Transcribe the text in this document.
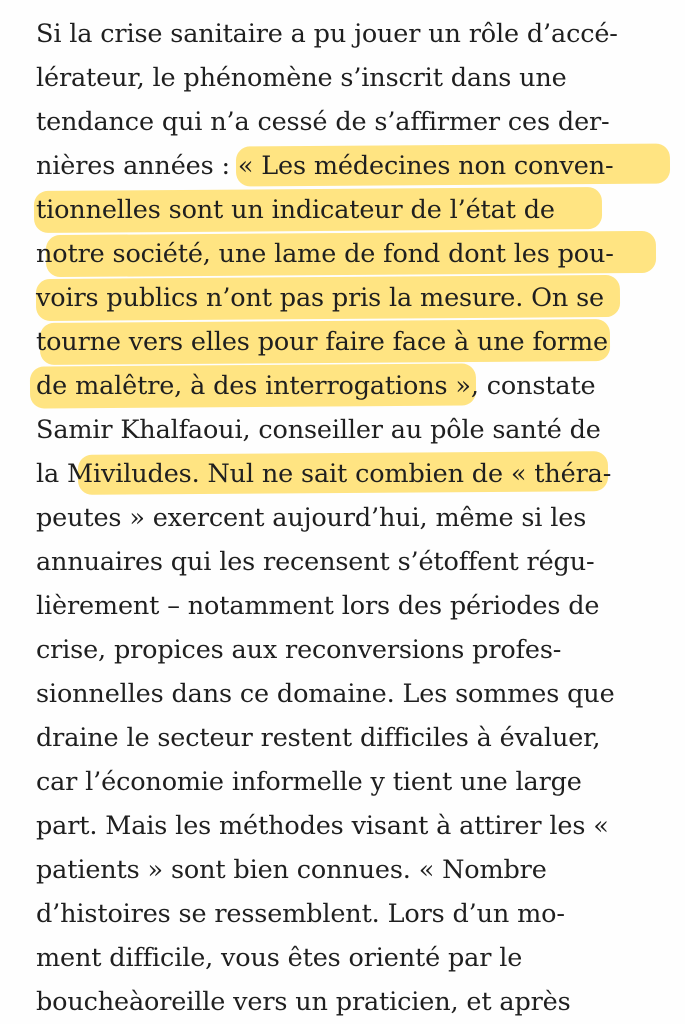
Si la crise sanitaire a pu jouer un rôle d’accé-
lérateur, le phénomène s’inscrit dans une
tendance qui n’a cessé de s’affirmer ces der-
nières années : « Les médecines non conven-
tionnelles sont un indicateur de l’état de
notre société, une lame de fond dont les pou-
voirs publics n’ont pas pris la mesure. On se
tourne vers elles pour faire face à une forme
de malêtre, à des interrogations », constate
Samir Khalfaoui, conseiller au pôle santé de
la Miviludes. Nul ne sait combien de « théra-
peutes » exercent aujourd’hui, même si les
annuaires qui les recensent s’étoffent régu-
lièrement – notamment lors des périodes de
crise, propices aux reconversions profes-
sionnelles dans ce domaine. Les sommes que
draine le secteur restent difficiles à évaluer,
car l’économie informelle y tient une large
part. Mais les méthodes visant à attirer les «
patients » sont bien connues. « Nombre
d’histoires se ressemblent. Lors d’un mo-
ment difficile, vous êtes orienté par le
boucheàoreille vers un praticien, et après
